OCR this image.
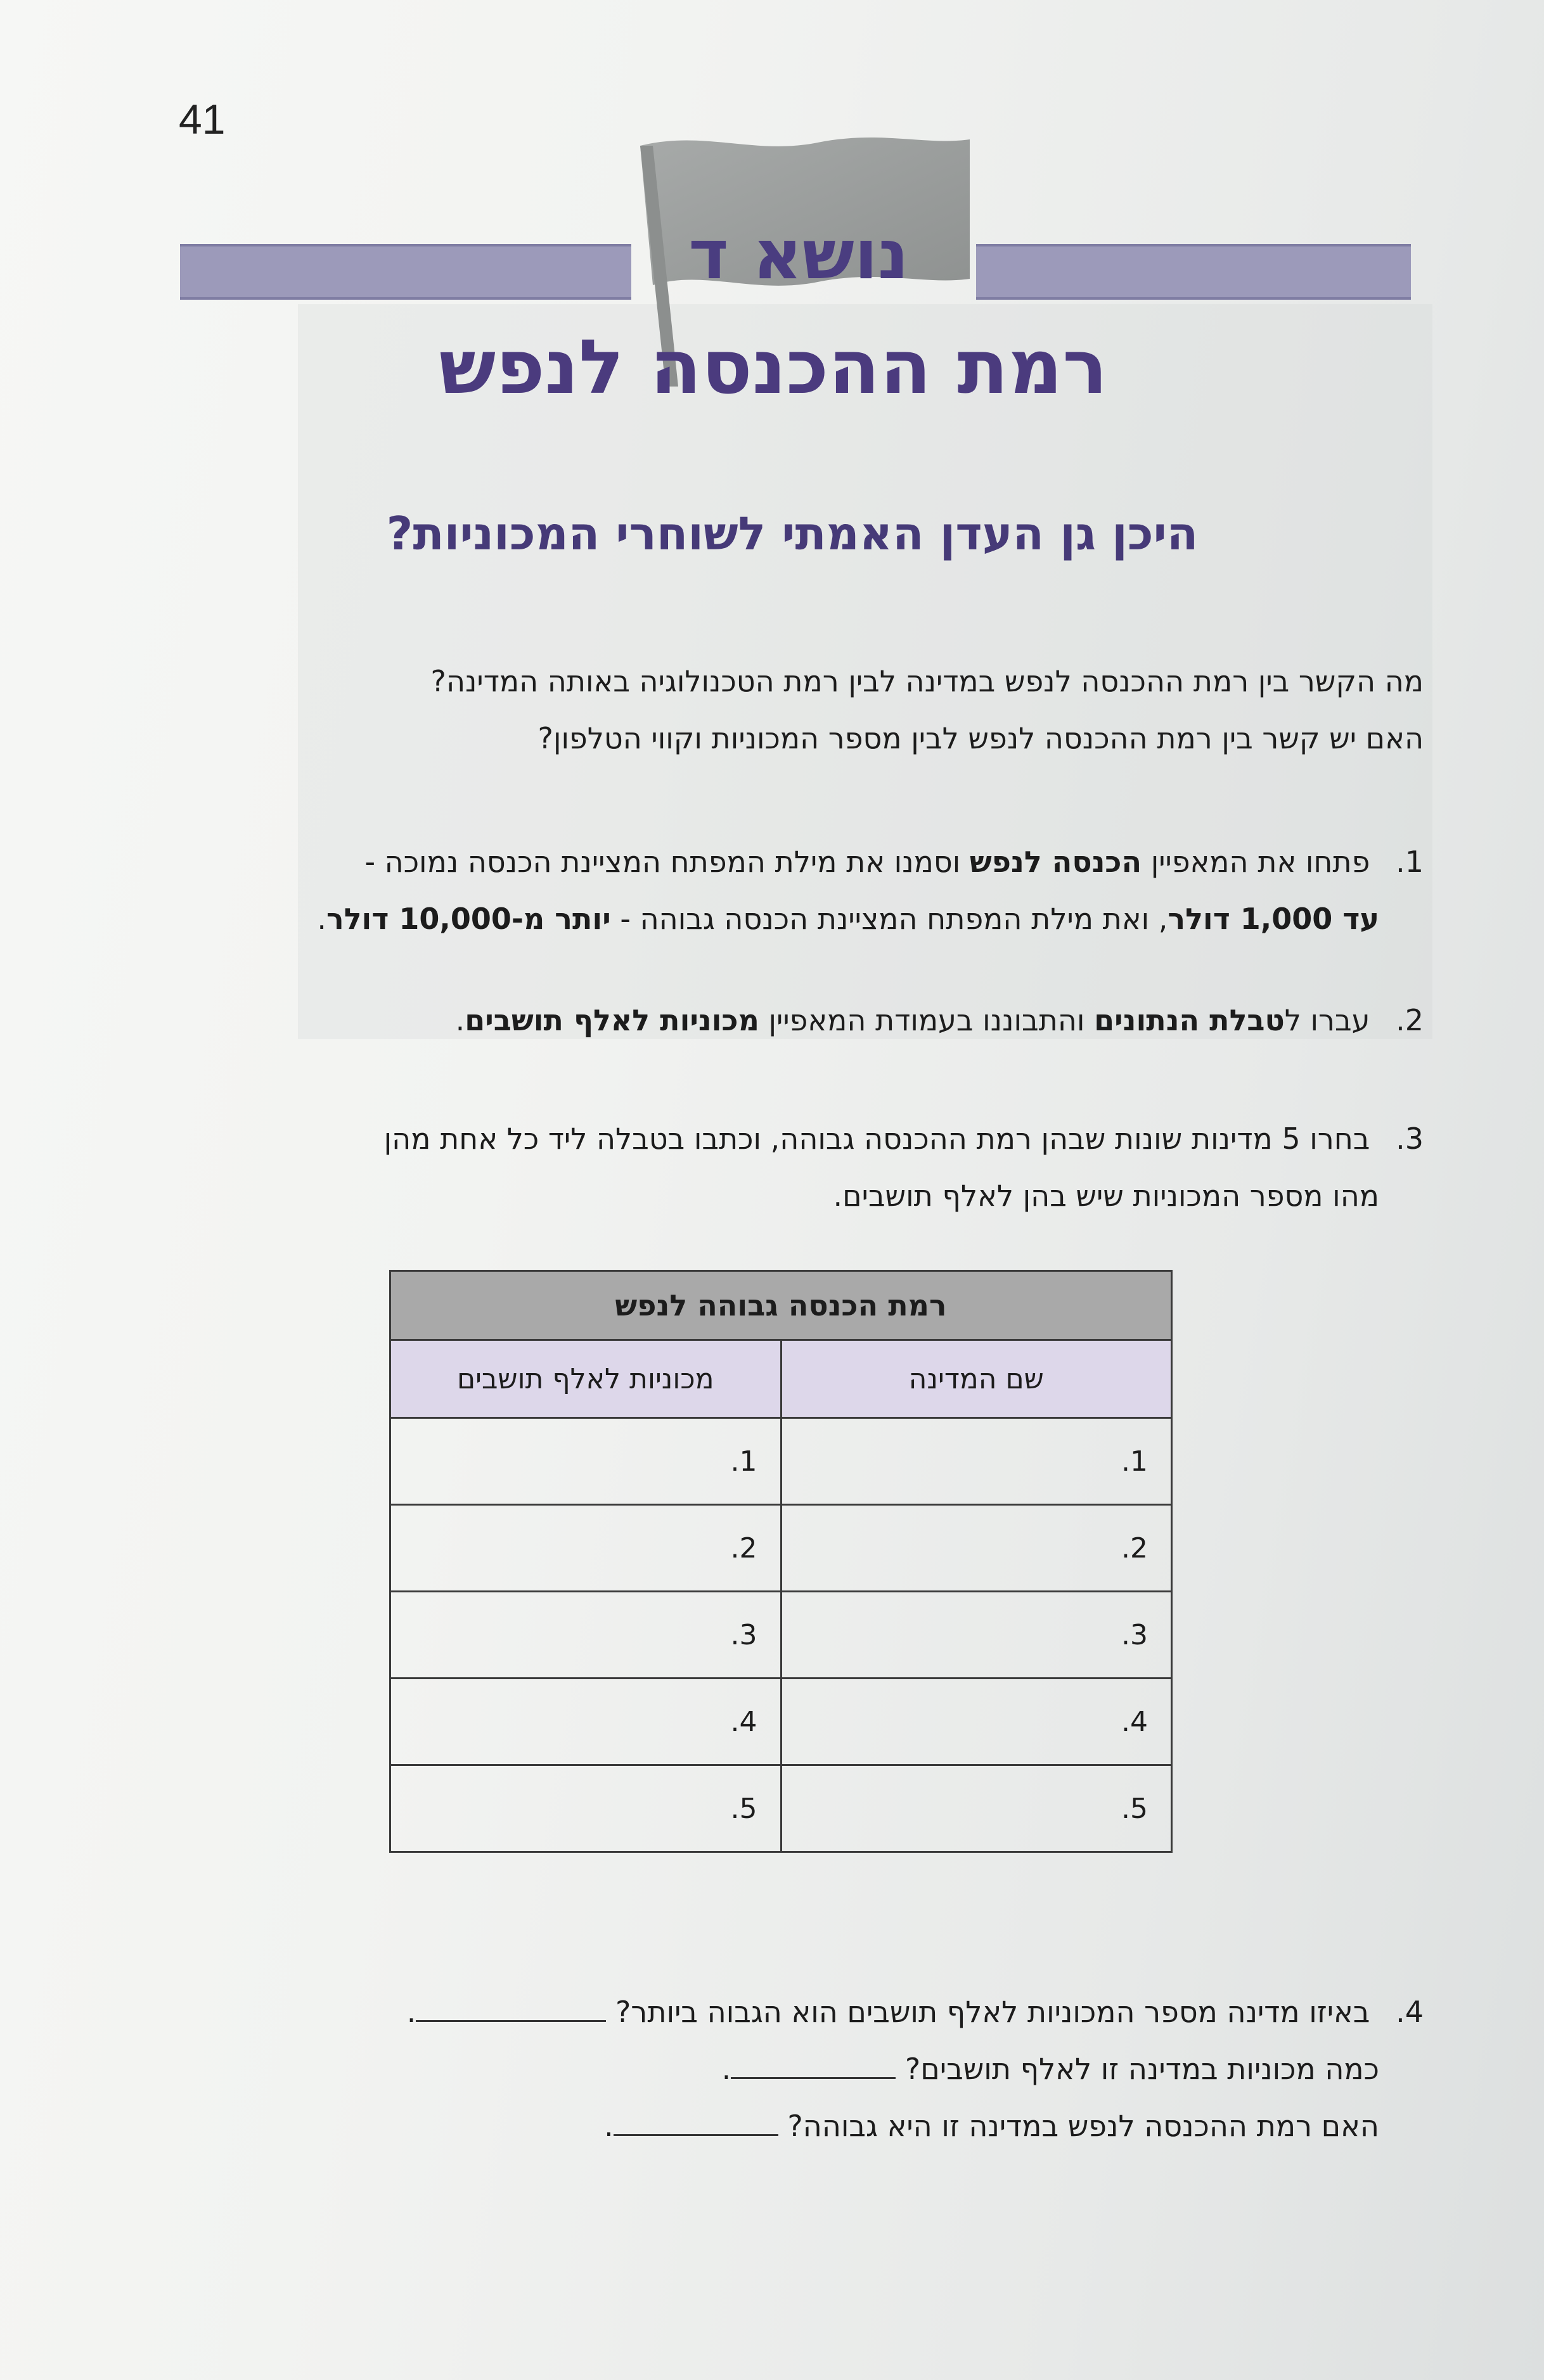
41
נושא ד
רמת ההכנסה לנפש
היכן גן העדן האמתי לשוחרי המכוניות?
מה הקשר בין רמת ההכנסה לנפש במדינה לבין רמת הטכנולוגיה באותה המדינה?
האם יש קשר בין רמת ההכנסה לנפש לבין מספר המכוניות וקווי הטלפון?
1. פתחו את המאפיין הכנסה לנפש וסמנו את מילת המפתח המציינת הכנסה נמוכה -
עד 1,000 דולר, ואת מילת המפתח המציינת הכנסה גבוהה - יותר מ-10,000 דולר.
2. עברו לטבלת הנתונים והתבוננו בעמודת המאפיין מכוניות לאלף תושבים.
3. בחרו 5 מדינות שונות שבהן רמת ההכנסה גבוהה, וכתבו בטבלה ליד כל אחת מהן
מהו מספר המכוניות שיש בהן לאלף תושבים.
רמת הכנסה גבוהה לנפש	
שם המדינה	מכוניות לאלף תושבים
1.	1.
2.	2.
3.	3.
4.	4.
5.	5.
4. באיזו מדינה מספר המכוניות לאלף תושבים הוא הגבוה ביותר? .
כמה מכוניות במדינה זו לאלף תושבים? .
האם רמת ההכנסה לנפש במדינה זו היא גבוהה? .
